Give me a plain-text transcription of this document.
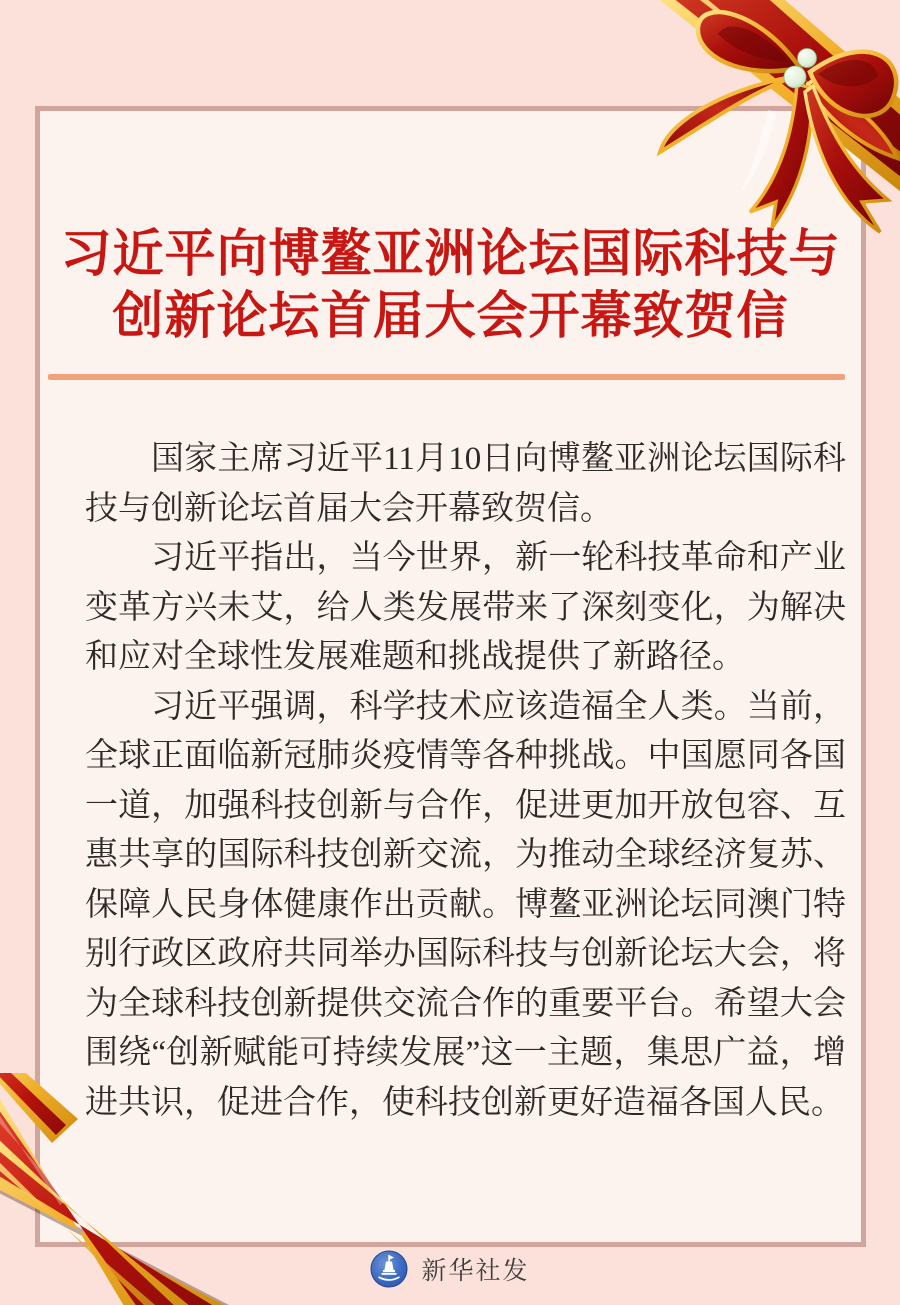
习近平向博鳌亚洲论坛国际科技与
创新论坛首届大会开幕致贺信

国家主席习近平11月10日向博鳌亚洲论坛国际科技与创新论坛首届大会开幕致贺信。

习近平指出，当今世界，新一轮科技革命和产业变革方兴未艾，给人类发展带来了深刻变化，为解决和应对全球性发展难题和挑战提供了新路径。

习近平强调，科学技术应该造福全人类。当前，全球正面临新冠肺炎疫情等各种挑战。中国愿同各国一道，加强科技创新与合作，促进更加开放包容、互惠共享的国际科技创新交流，为推动全球经济复苏、保障人民身体健康作出贡献。博鳌亚洲论坛同澳门特别行政区政府共同举办国际科技与创新论坛大会，将为全球科技创新提供交流合作的重要平台。希望大会围绕“创新赋能可持续发展”这一主题，集思广益，增进共识，促进合作，使科技创新更好造福各国人民。

新华社发
